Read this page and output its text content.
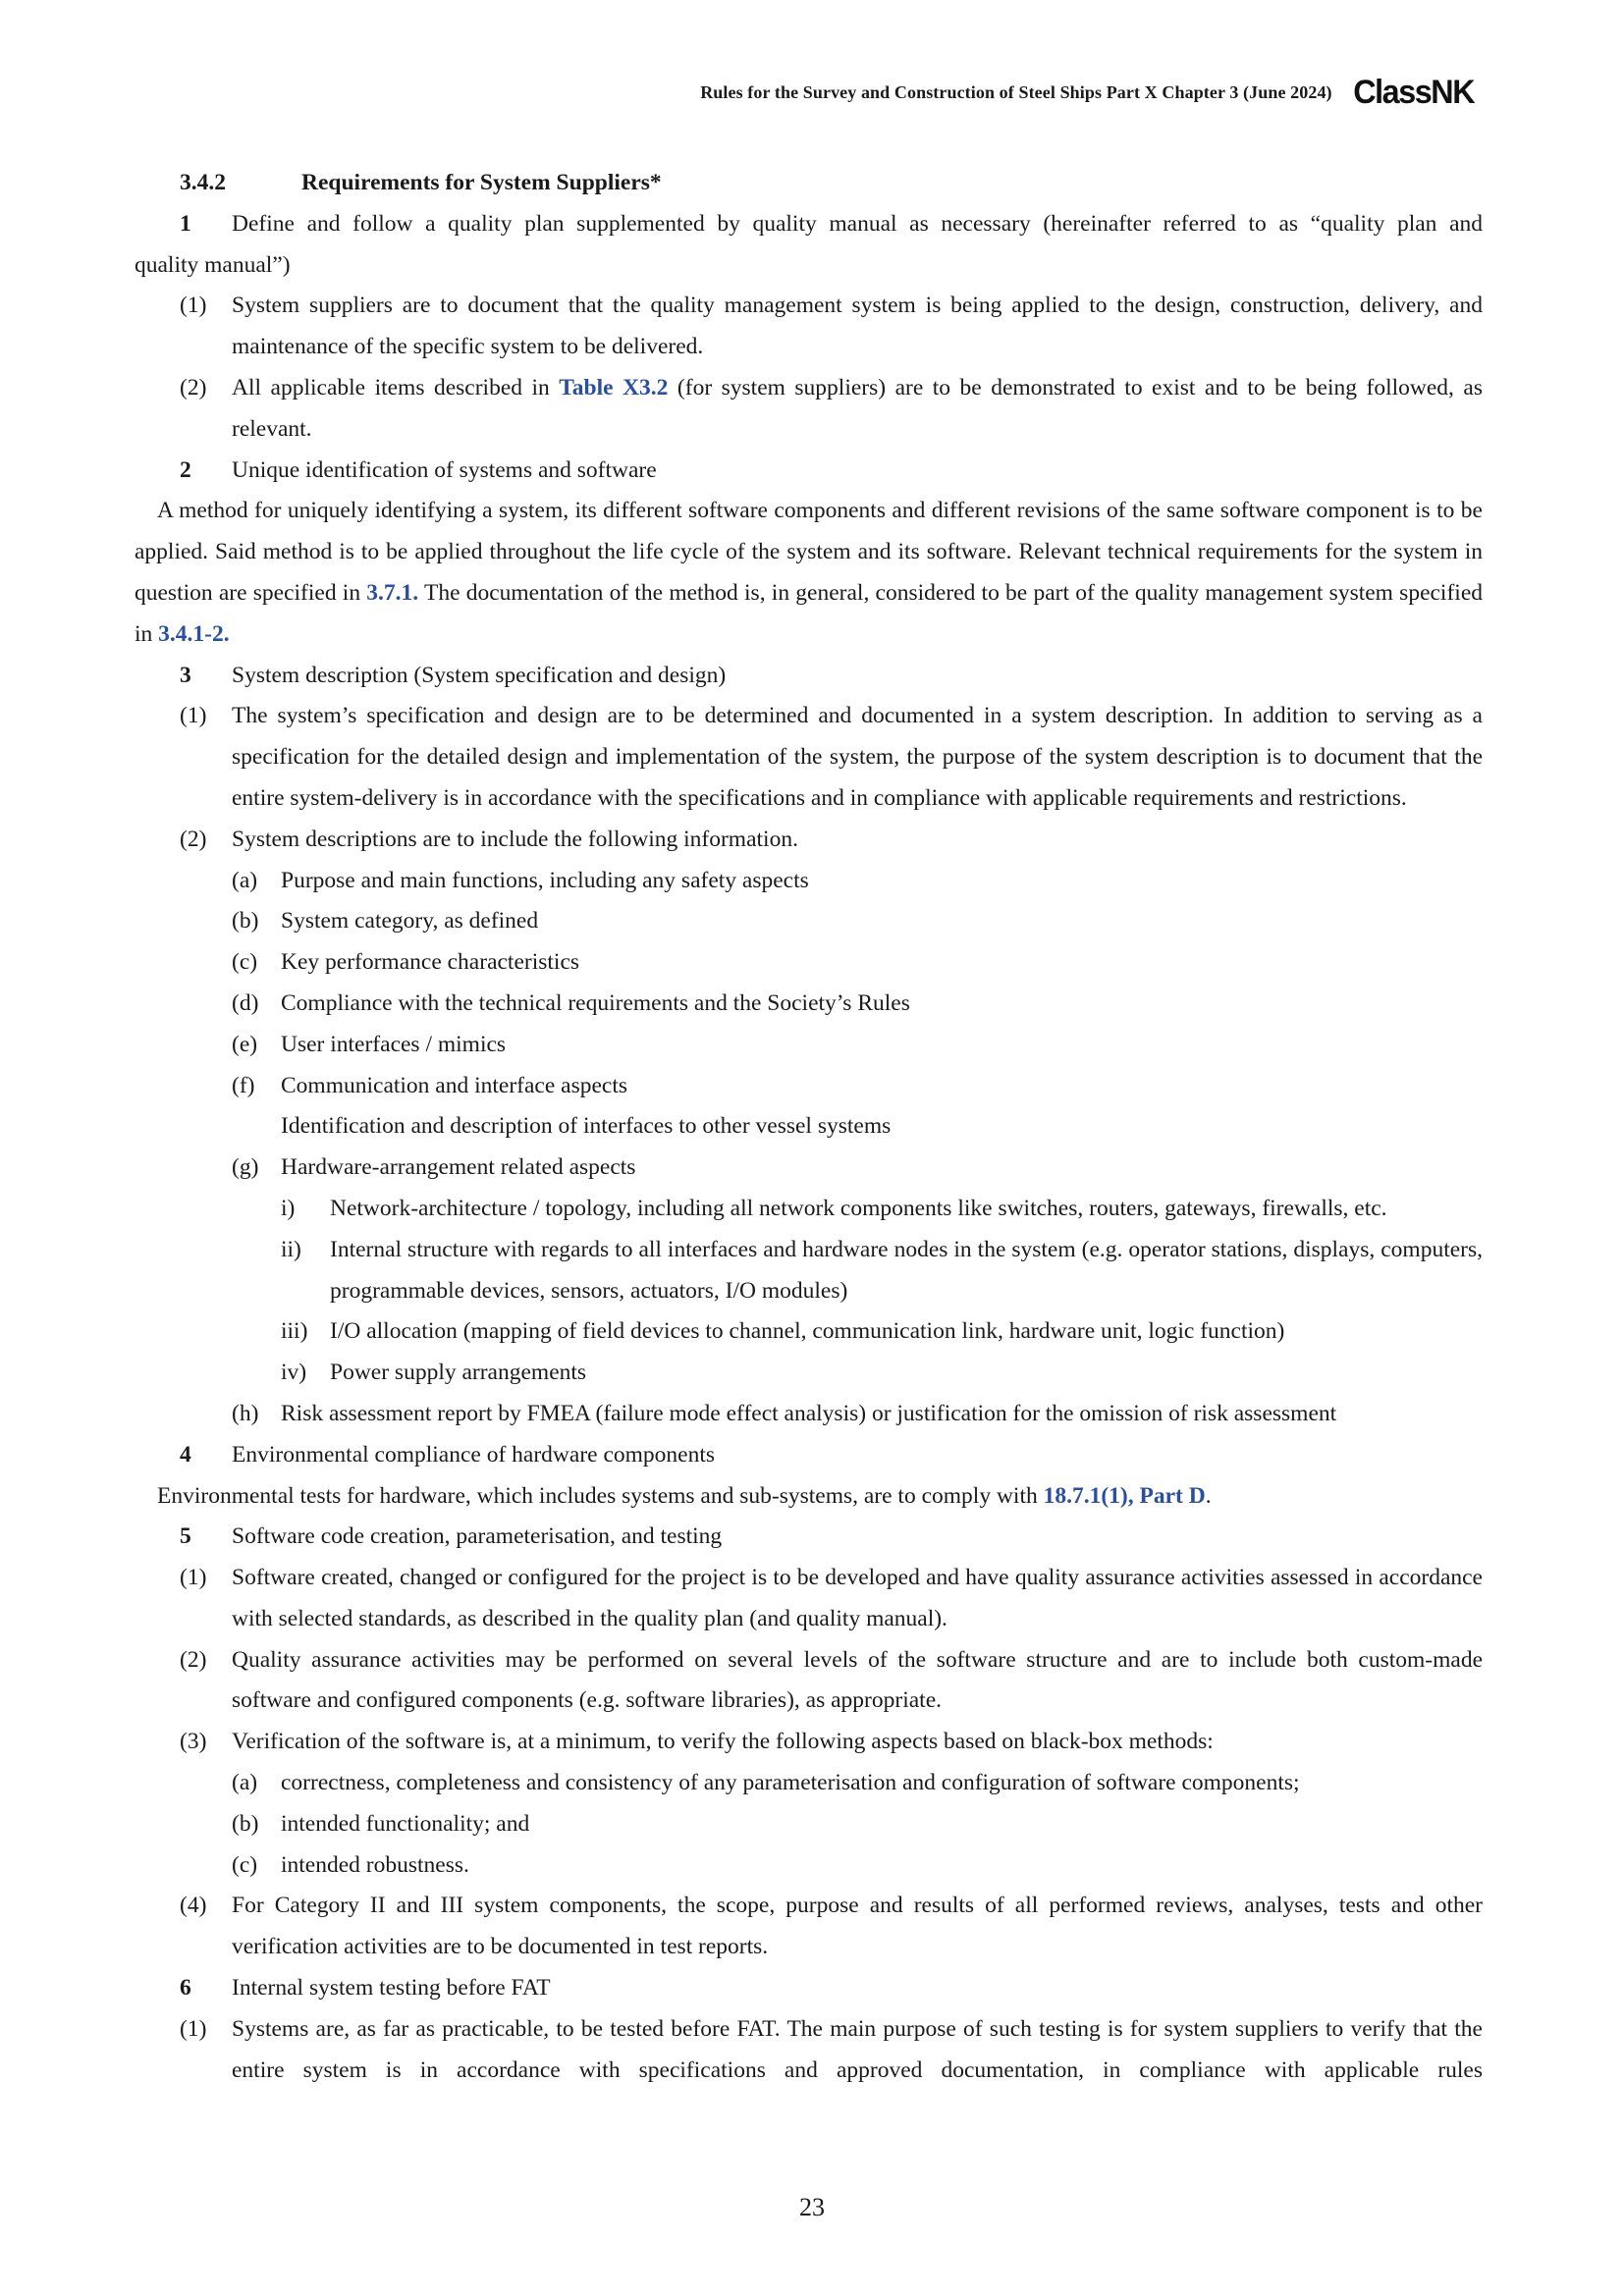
Rules for the Survey and Construction of Steel Ships Part X Chapter 3 (June 2024) ClassNK
3.4.2	Requirements for System Suppliers*
1 Define and follow a quality plan supplemented by quality manual as necessary (hereinafter referred to as “quality plan and
quality manual”)
(1)	System suppliers are to document that the quality management system is being applied to the design, construction, delivery, and maintenance of the specific system to be delivered.
(2)	All applicable items described in Table X3.2 (for system suppliers) are to be demonstrated to exist and to be being followed, as relevant.
2 Unique identification of systems and software
A method for uniquely identifying a system, its different software components and different revisions of the same software component is to be applied. Said method is to be applied throughout the life cycle of the system and its software. Relevant technical requirements for the system in question are specified in 3.7.1. The documentation of the method is, in general, considered to be part of the quality management system specified in 3.4.1-2.
3 System description (System specification and design)
(1)	The system’s specification and design are to be determined and documented in a system description. In addition to serving as a specification for the detailed design and implementation of the system, the purpose of the system description is to document that the entire system-delivery is in accordance with the specifications and in compliance with applicable requirements and restrictions.
(2)	System descriptions are to include the following information.
(a)	Purpose and main functions, including any safety aspects
(b) System category, as defined
(c)	Key performance characteristics
(d) Compliance with the technical requirements and the Society’s Rules
(e)	User interfaces / mimics
(f)	Communication and interface aspects
Identification and description of interfaces to other vessel systems
(g) Hardware-arrangement related aspects
i)	Network-architecture / topology, including all network components like switches, routers, gateways, firewalls, etc.
ii)	Internal structure with regards to all interfaces and hardware nodes in the system (e.g. operator stations, displays, computers, programmable devices, sensors, actuators, I/O modules)
iii) I/O allocation (mapping of field devices to channel, communication link, hardware unit, logic function)
iv)	Power supply arrangements
(h) Risk assessment report by FMEA (failure mode effect analysis) or justification for the omission of risk assessment
4 Environmental compliance of hardware components
Environmental tests for hardware, which includes systems and sub-systems, are to comply with 18.7.1(1), Part D.
5 Software code creation, parameterisation, and testing
(1)	Software created, changed or configured for the project is to be developed and have quality assurance activities assessed in accordance with selected standards, as described in the quality plan (and quality manual).
(2)	Quality assurance activities may be performed on several levels of the software structure and are to include both custom-made software and configured components (e.g. software libraries), as appropriate.
(3)	Verification of the software is, at a minimum, to verify the following aspects based on black-box methods:
(a)	correctness, completeness and consistency of any parameterisation and configuration of software components;
(b) intended functionality; and
(c)	intended robustness.
(4)	For Category II and III system components, the scope, purpose and results of all performed reviews, analyses, tests and other verification activities are to be documented in test reports.
6 Internal system testing before FAT
(1)	Systems are, as far as practicable, to be tested before FAT. The main purpose of such testing is for system suppliers to verify that the entire system is in accordance with specifications and approved documentation, in compliance with applicable rules
23
